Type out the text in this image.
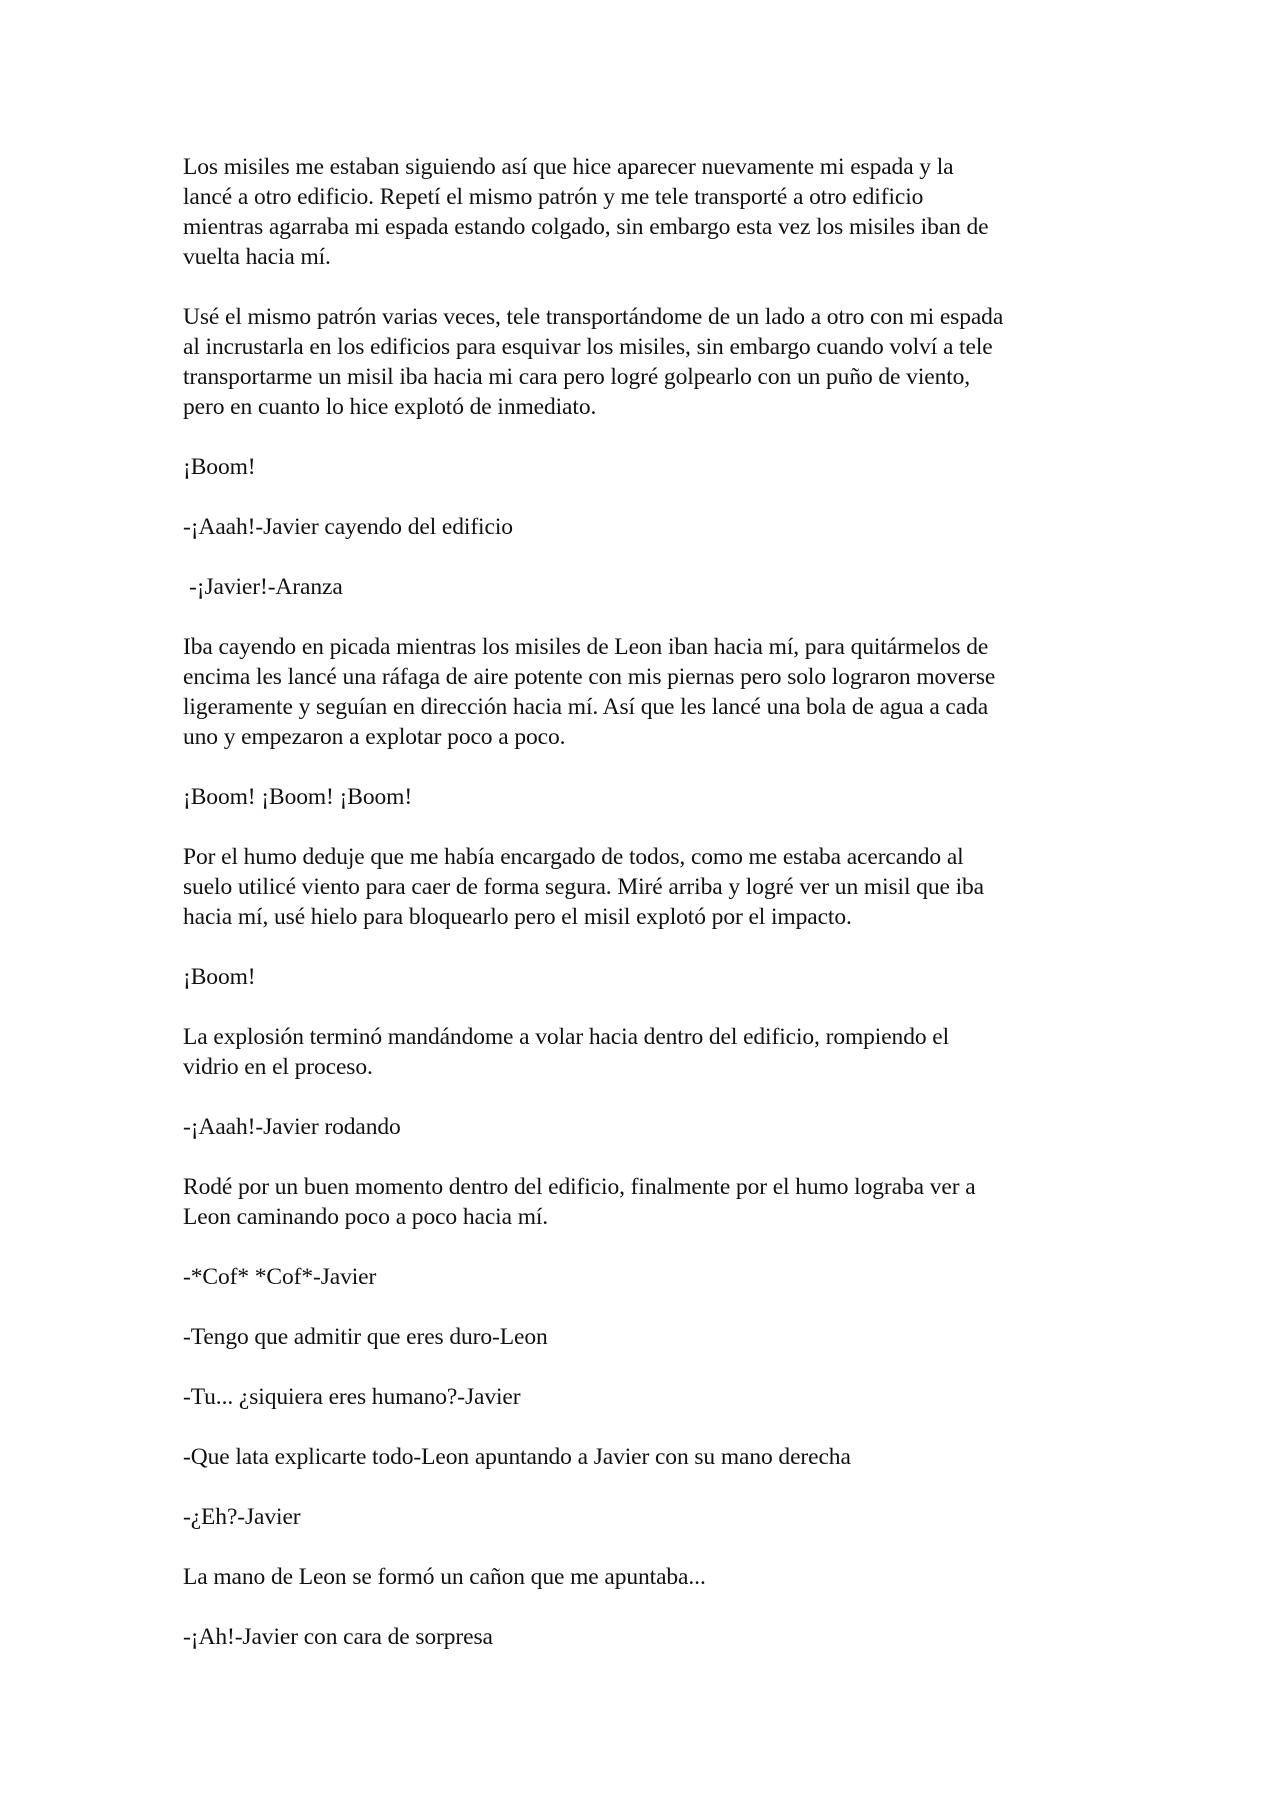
Los misiles me estaban siguiendo así que hice aparecer nuevamente mi espada y la
lancé a otro edificio. Repetí el mismo patrón y me tele transporté a otro edificio
mientras agarraba mi espada estando colgado, sin embargo esta vez los misiles iban de
vuelta hacia mí.

Usé el mismo patrón varias veces, tele transportándome de un lado a otro con mi espada
al incrustarla en los edificios para esquivar los misiles, sin embargo cuando volví a tele
transportarme un misil iba hacia mi cara pero logré golpearlo con un puño de viento,
pero en cuanto lo hice explotó de inmediato.

¡Boom!

-¡Aaah!-Javier cayendo del edificio

-¡Javier!-Aranza

Iba cayendo en picada mientras los misiles de Leon iban hacia mí, para quitármelos de
encima les lancé una ráfaga de aire potente con mis piernas pero solo lograron moverse
ligeramente y seguían en dirección hacia mí. Así que les lancé una bola de agua a cada
uno y empezaron a explotar poco a poco.

¡Boom! ¡Boom! ¡Boom!

Por el humo deduje que me había encargado de todos, como me estaba acercando al
suelo utilicé viento para caer de forma segura. Miré arriba y logré ver un misil que iba
hacia mí, usé hielo para bloquearlo pero el misil explotó por el impacto.

¡Boom!

La explosión terminó mandándome a volar hacia dentro del edificio, rompiendo el
vidrio en el proceso.

-¡Aaah!-Javier rodando

Rodé por un buen momento dentro del edificio, finalmente por el humo lograba ver a
Leon caminando poco a poco hacia mí.

-*Cof* *Cof*-Javier

-Tengo que admitir que eres duro-Leon

-Tu... ¿siquiera eres humano?-Javier

-Que lata explicarte todo-Leon apuntando a Javier con su mano derecha

-¿Eh?-Javier

La mano de Leon se formó un cañon que me apuntaba...

-¡Ah!-Javier con cara de sorpresa
